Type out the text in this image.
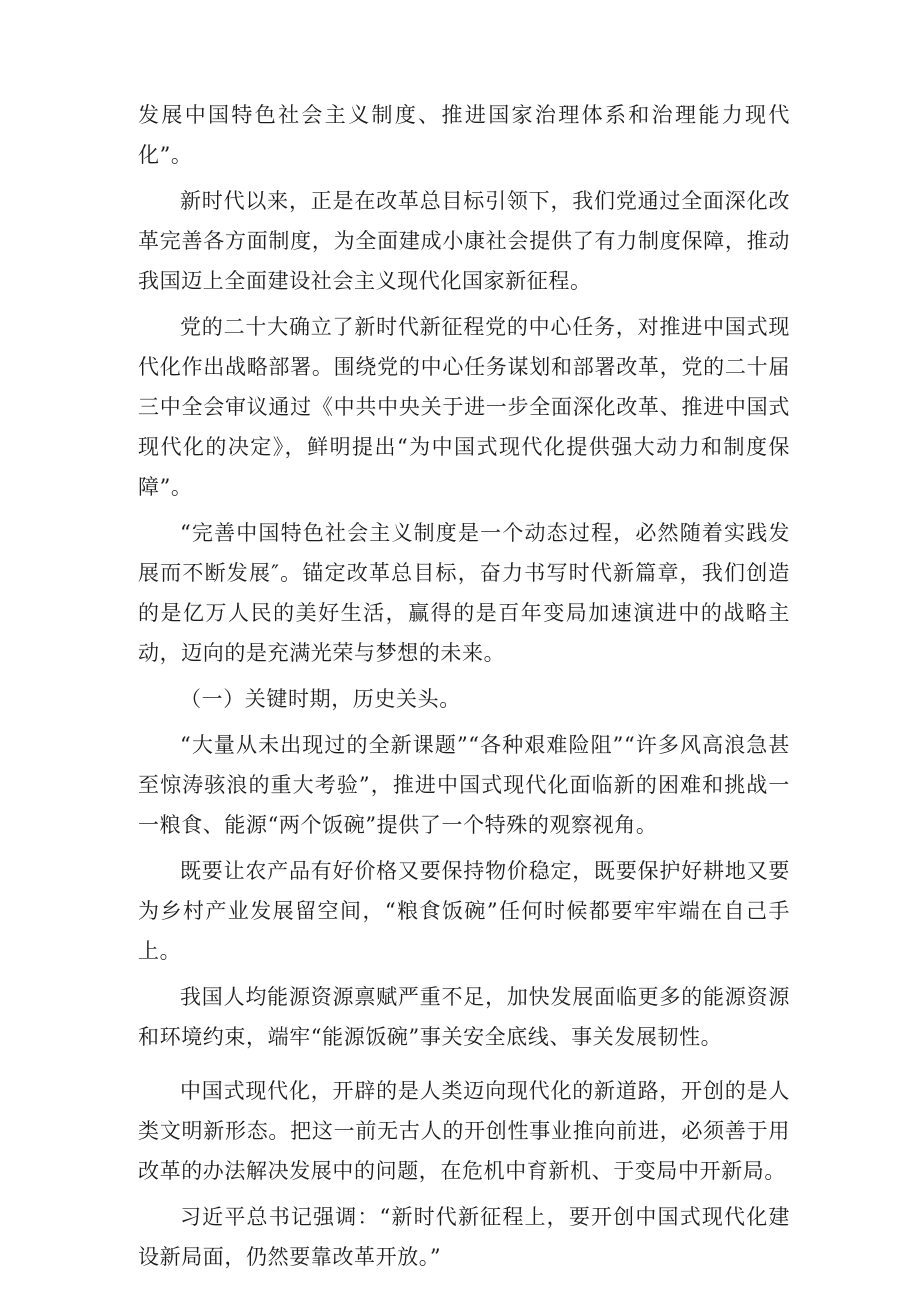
发展中国特色社会主义制度、推进国家治理体系和治理能力现代化”。

新时代以来，正是在改革总目标引领下，我们党通过全面深化改革完善各方面制度，为全面建成小康社会提供了有力制度保障，推动我国迈上全面建设社会主义现代化国家新征程。

党的二十大确立了新时代新征程党的中心任务，对推进中国式现代化作出战略部署。围绕党的中心任务谋划和部署改革，党的二十届三中全会审议通过《中共中央关于进一步全面深化改革、推进中国式现代化的决定》，鲜明提出“为中国式现代化提供强大动力和制度保障”。

“完善中国特色社会主义制度是一个动态过程，必然随着实践发展而不断发展″。锚定改革总目标，奋力书写时代新篇章，我们创造的是亿万人民的美好生活，赢得的是百年变局加速演进中的战略主动，迈向的是充满光荣与梦想的未来。

（一）关键时期，历史关头。

“大量从未出现过的全新课题”“各种艰难险阻”“许多风高浪急甚至惊涛骇浪的重大考验”，推进中国式现代化面临新的困难和挑战一一粮食、能源“两个饭碗”提供了一个特殊的观察视角。

既要让农产品有好价格又要保持物价稳定，既要保护好耕地又要为乡村产业发展留空间，“粮食饭碗”任何时候都要牢牢端在自己手上。

我国人均能源资源禀赋严重不足，加快发展面临更多的能源资源和环境约束，端牢“能源饭碗”事关安全底线、事关发展韧性。

中国式现代化，开辟的是人类迈向现代化的新道路，开创的是人类文明新形态。把这一前无古人的开创性事业推向前进，必须善于用改革的办法解决发展中的问题，在危机中育新机、于变局中开新局。

习近平总书记强调：“新时代新征程上，要开创中国式现代化建设新局面，仍然要靠改革开放。”
